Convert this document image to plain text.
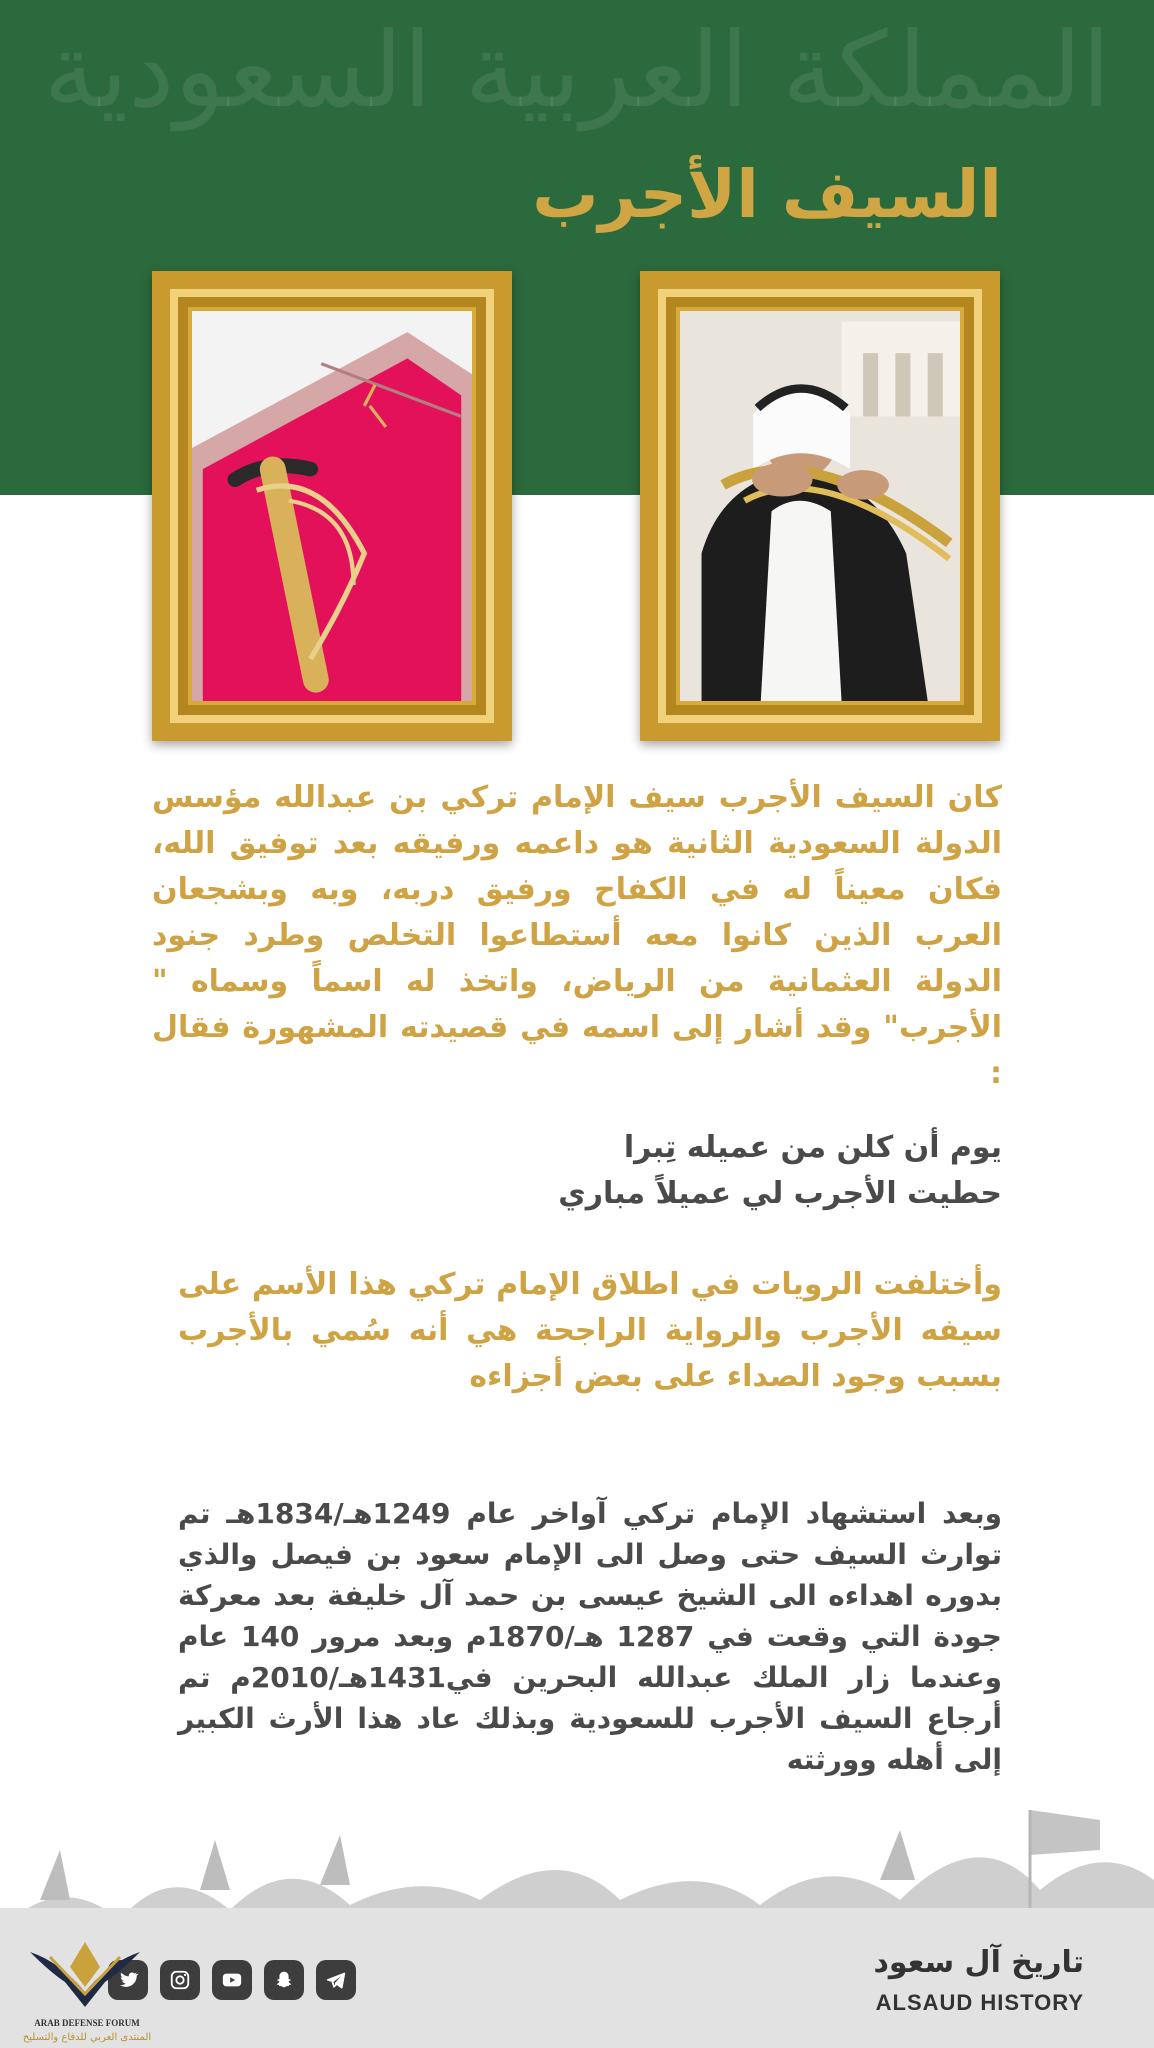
المملكة العربية السعودية
السيف الأجرب

كان السيف الأجرب سيف الإمام تركي بن عبدالله مؤسس الدولة السعودية الثانية هو داعمه ورفيقه بعد توفيق الله، فكان معيناً له في الكفاح ورفيق دربه، وبه وبشجعان العرب الذين كانوا معه أستطاعوا التخلص وطرد جنود الدولة العثمانية من الرياض، واتخذ له اسماً وسماه " الأجرب" وقد أشار إلى اسمه في قصيدته المشهورة فقال :

يوم أن كلن من عميله تِبرا
حطيت الأجرب لي عميلاً مباري

وأختلفت الرويات في اطلاق الإمام تركي هذا الأسم على سيفه الأجرب والرواية الراجحة هي أنه سُمي بالأجرب بسبب وجود الصداء على بعض أجزاءه

وبعد استشهاد الإمام تركي آواخر عام 1249هـ/1834هـ تم توارث السيف حتى وصل الى الإمام سعود بن فيصل والذي بدوره اهداءه الى الشيخ عيسى بن حمد آل خليفة بعد معركة جودة التي وقعت في 1287 هـ/1870م وبعد مرور 140 عام وعندما زار الملك عبدالله البحرين في1431هـ/2010م تم أرجاع السيف الأجرب للسعودية وبذلك عاد هذا الأرث الكبير إلى أهله وورثته

تاريخ آل سعود

ALSAUD HISTORY

ARAB DEFENSE FORUM
المنتدى العربي للدفاع والتسليح
